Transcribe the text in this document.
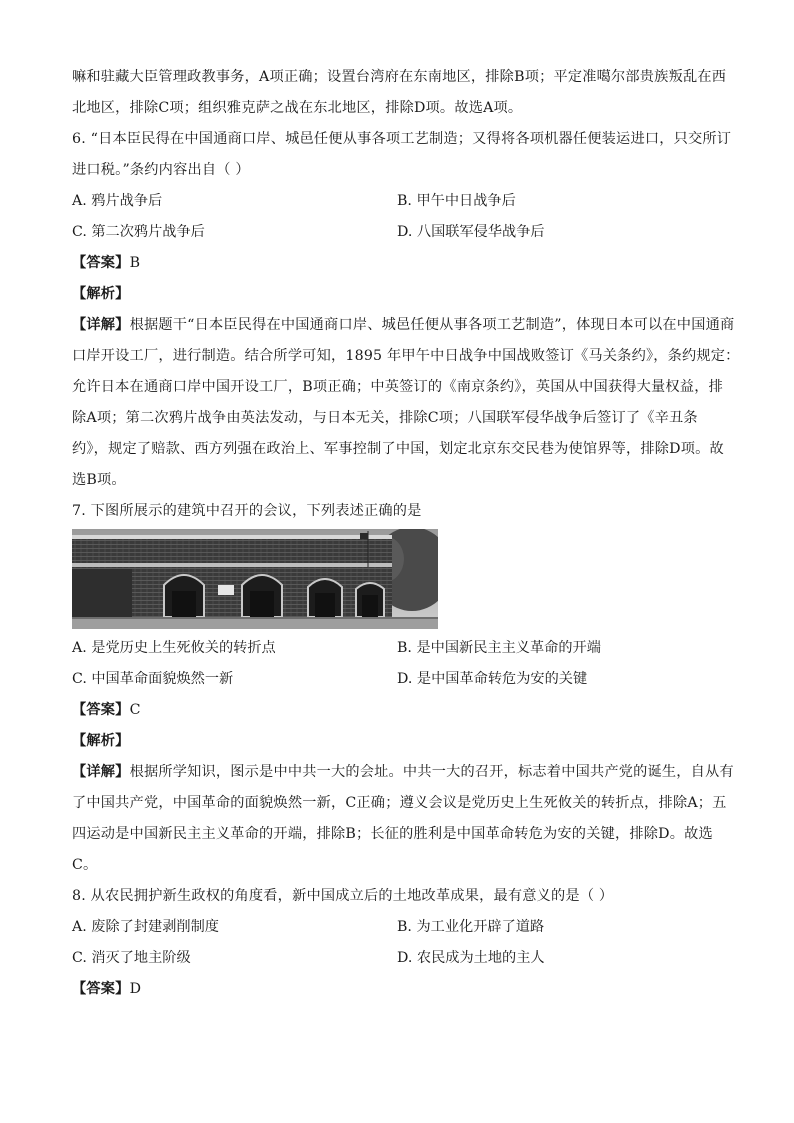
嘛和驻藏大臣管理政教事务，A项正确；设置台湾府在东南地区，排除B项；平定准噶尔部贵族叛乱在西
北地区，排除C项；组织雅克萨之战在东北地区，排除D项。故选A项。
6. “日本臣民得在中国通商口岸、城邑任便从事各项工艺制造；又得将各项机器任便装运进口，只交所订
进口税。”条约内容出自（ ）
A. 鸦片战争后	B. 甲午中日战争后
C. 第二次鸦片战争后	D. 八国联军侵华战争后
【答案】B
【解析】
【详解】根据题干“日本臣民得在中国通商口岸、城邑任便从事各项工艺制造”，体现日本可以在中国通商
口岸开设工厂，进行制造。结合所学可知，1895 年甲午中日战争中国战败签订《马关条约》，条约规定：
允许日本在通商口岸中国开设工厂，B项正确；中英签订的《南京条约》，英国从中国获得大量权益，排
除A项；第二次鸦片战争由英法发动，与日本无关，排除C项；八国联军侵华战争后签订了《辛丑条
约》，规定了赔款、西方列强在政治上、军事控制了中国，划定北京东交民巷为使馆界等，排除D项。故
选B项。
7. 下图所展示的建筑中召开的会议，下列表述正确的是
A. 是党历史上生死攸关的转折点	B. 是中国新民主主义革命的开端
C. 中国革命面貌焕然一新	D. 是中国革命转危为安的关键
【答案】C
【解析】
【详解】根据所学知识，图示是中中共一大的会址。中共一大的召开，标志着中国共产党的诞生，自从有
了中国共产党，中国革命的面貌焕然一新，C正确；遵义会议是党历史上生死攸关的转折点，排除A；五
四运动是中国新民主主义革命的开端，排除B；长征的胜利是中国革命转危为安的关键，排除D。故选
C。
8. 从农民拥护新生政权的角度看，新中国成立后的土地改革成果，最有意义的是（ ）
A. 废除了封建剥削制度	B. 为工业化开辟了道路
C. 消灭了地主阶级	D. 农民成为土地的主人
【答案】D
